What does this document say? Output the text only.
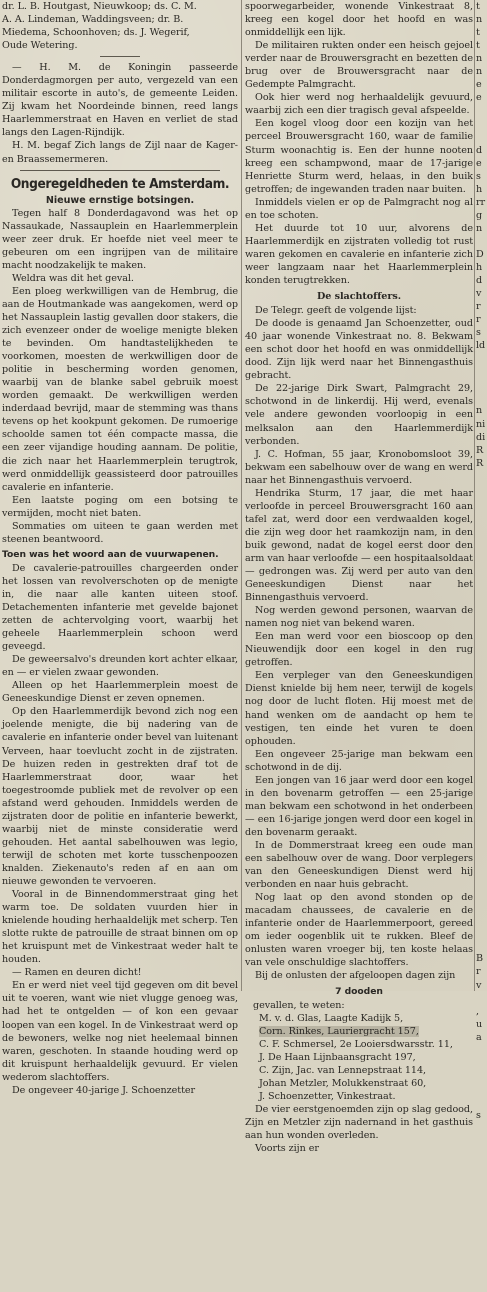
dr. L. B. Houtgast, Nieuwkoop; ds. C. M.

A. A. Lindeman, Waddingsveen; dr. B.

Miedema, Schoonhoven; ds. J. Wegerif,

Oude Wetering.

— H. M. de Koningin passeerde Donderdagmorgen per auto, vergezeld van een militair escorte in auto's, de gemeente Leiden. Zij kwam het Noordeinde binnen, reed langs Haarlemmerstraat en Haven en verliet de stad langs den Lagen-Rijndijk.

H. M. begaf Zich langs de Zijl naar de Kager- en Braassemermeren.

Ongeregeldheden te Amsterdam.
Nieuwe ernstige botsingen.

Tegen half 8 Donderdagavond was het op Nassaukade, Nassauplein en Haarlemmerplein weer zeer druk. Er hoefde niet veel meer te gebeuren om een ingrijpen van de militaire macht noodzakelijk te maken.

Weldra was dit het geval.

Een ploeg werkwilligen van de Hembrug, die aan de Houtmankade was aangekomen, werd op het Nassauplein lastig gevallen door stakers, die zich evenzeer onder de woelige menigte bleken te bevinden. Om handtastelijkheden te voorkomen, moesten de werkwilligen door de politie in bescherming worden genomen, waarbij van de blanke sabel gebruik moest worden gemaakt. De werkwilligen werden inderdaad bevrijd, maar de stemming was thans tevens op het kookpunt gekomen. De rumoerige schoolde samen tot één compacte massa, die een zeer vijandige houding aannam. De politie, die zich naar het Haarlemmerplein terugtrok, werd onmiddellijk geassisteerd door patrouilles cavalerie en infanterie.

Een laatste poging om een botsing te vermijden, mocht niet baten.

Sommaties om uiteen te gaan werden met steenen beantwoord.

Toen was het woord aan de vuurwapenen.

De cavalerie-patrouilles chargeerden onder het lossen van revolverschoten op de menigte in, die naar alle kanten uiteen stoof. Detachementen infanterie met gevelde bajonet zetten de achtervolging voort, waarbij het geheele Haarlemmerplein schoon werd geveegd.

De geweersalvo's dreunden kort achter elkaar, en — er vielen zwaar gewonden.

Alleen op het Haarlemmerplein moest de Geneeskundige Dienst er zeven opnemen.

Op den Haarlemmerdijk bevond zich nog een joelende menigte, die bij nadering van de cavalerie en infanterie onder bevel van luitenant Verveen, haar toevlucht zocht in de zijstraten. De huizen reden in gestrekten draf tot de Haarlemmerstraat door, waar het toegestroomde publiek met de revolver op een afstand werd gehouden. Inmiddels werden de zijstraten door de politie en infanterie bewerkt, waarbij niet de minste consideratie werd gehouden. Het aantal sabelhouwen was legio, terwijl de schoten met korte tusschenpoozen knalden. Ziekenauto's reden af en aan om nieuwe gewonden te vervoeren.

Vooral in de Binnendommerstraat ging het warm toe. De soldaten vuurden hier in knielende houding herhaaldelijk met scherp. Ten slotte rukte de patrouille de straat binnen om op het kruispunt met de Vinkestraat weder halt te houden.

— Ramen en deuren dicht!

En er werd niet veel tijd gegeven om dit bevel uit te voeren, want wie niet vlugge genoeg was, had het te ontgelden — of kon een gevaar loopen van een kogel. In de Vinkestraat werd op de bewoners, welke nog niet heelemaal binnen waren, geschoten. In staande houding werd op dit kruispunt herhaaldelijk gevuurd. Er vielen wederom slachtoffers.

De ongeveer 40-jarige J. Schoenzetter

spoorwegarbeider, wonende Vinkestraat 8, kreeg een kogel door het hoofd en was onmiddellijk een lijk.

De militairen rukten onder een heisch gejoel verder naar de Brouwersgracht en bezetten de brug over de Brouwersgracht naar de Gedempte Palmgracht.

Ook hier werd nog herhaaldelijk gevuurd, waarbij zich een dier tragisch geval afspeelde.

Een kogel vloog door een kozijn van het perceel Brouwersgracht 160, waar de familie Sturm woonachtig is. Een der hunne nooten kreeg een schampwond, maar de 17-jarige Henriette Sturm werd, helaas, in den buik getroffen; de ingewanden traden naar buiten.

Inmiddels vielen er op de Palmgracht nog al en toe schoten.

Het duurde tot 10 uur, alvorens de Haarlemmerdijk en zijstraten volledig tot rust waren gekomen en cavalerie en infanterie zich weer langzaam naar het Haarlemmerplein konden terugtrekken.

De slachtoffers.

De Telegr. geeft de volgende lijst:

De doode is genaamd Jan Schoenzetter, oud 40 jaar wonende Vinkestraat no. 8. Bekwam een schot door het hoofd en was onmiddellijk dood. Zijn lijk werd naar het Binnengasthuis gebracht.

De 22-jarige Dirk Swart, Palmgracht 29, schotwond in de linkerdij. Hij werd, evenals vele andere gewonden voorloopig in een melksalon aan den Haarlemmerdijk verbonden.

J. C. Hofman, 55 jaar, Kronobomsloot 39, bekwam een sabelhouw over de wang en werd naar het Binnengasthuis vervoerd.

Hendrika Sturm, 17 jaar, die met haar verloofde in perceel Brouwersgracht 160 aan tafel zat, werd door een verdwaalden kogel, die zijn weg door het raamkozijn nam, in den buik gewond, nadat de kogel eerst door den arm van haar verloofde — een hospitaalsoldaat — gedrongen was. Zij werd per auto van den Geneeskundigen Dienst naar het Binnengasthuis vervoerd.

Nog werden gewond personen, waarvan de namen nog niet van bekend waren.

Een man werd voor een bioscoop op den Nieuwendijk door een kogel in den rug getroffen.

Een verpleger van den Geneeskundigen Dienst knielde bij hem neer, terwijl de kogels nog door de lucht floten. Hij moest met de hand wenken om de aandacht op hem te vestigen, ten einde het vuren te doen ophouden.

Een ongeveer 25-jarige man bekwam een schotwond in de dij.

Een jongen van 16 jaar werd door een kogel in den bovenarm getroffen — een 25-jarige man bekwam een schotwond in het onderbeen — een 16-jarige jongen werd door een kogel in den bovenarm geraakt.

In de Dommerstraat kreeg een oude man een sabelhouw over de wang. Door verplegers van den Geneeskundigen Dienst werd hij verbonden en naar huis gebracht.

Nog laat op den avond stonden op de macadam chaussees, de cavalerie en de infanterie onder de Haarlemmerpoort, gereed om ieder oogenblik uit te rukken. Bleef de onlusten waren vroeger bij, ten koste helaas van vele onschuldige slachtoffers.

Bij de onlusten der afgeloopen dagen zijn

7 dooden

gevallen, te weten:

M. v. d. Glas, Laagte Kadijk 5,

Corn. Rinkes, Lauriergracht 157,

C. F. Schmersel, 2e Looiersdwarsstr. 11,

J. De Haan Lijnbaansgracht 197,

C. Zijn, Jac. van Lennepstraat 114,

Johan Metzler, Molukkenstraat 60,

J. Schoenzetter, Vinkestraat.

De vier eerstgenoemden zijn op slag gedood, Zijn en Metzler zijn nadernand in het gasthuis aan hun wonden overleden.

Voorts zijn er

t
n
t
t
n
n
e
e
d
e
s
h
rr
g
n
D
h
d
v
r
r
s
ld
n
ni
di
R
R
B
r
v
,
u
a
s
